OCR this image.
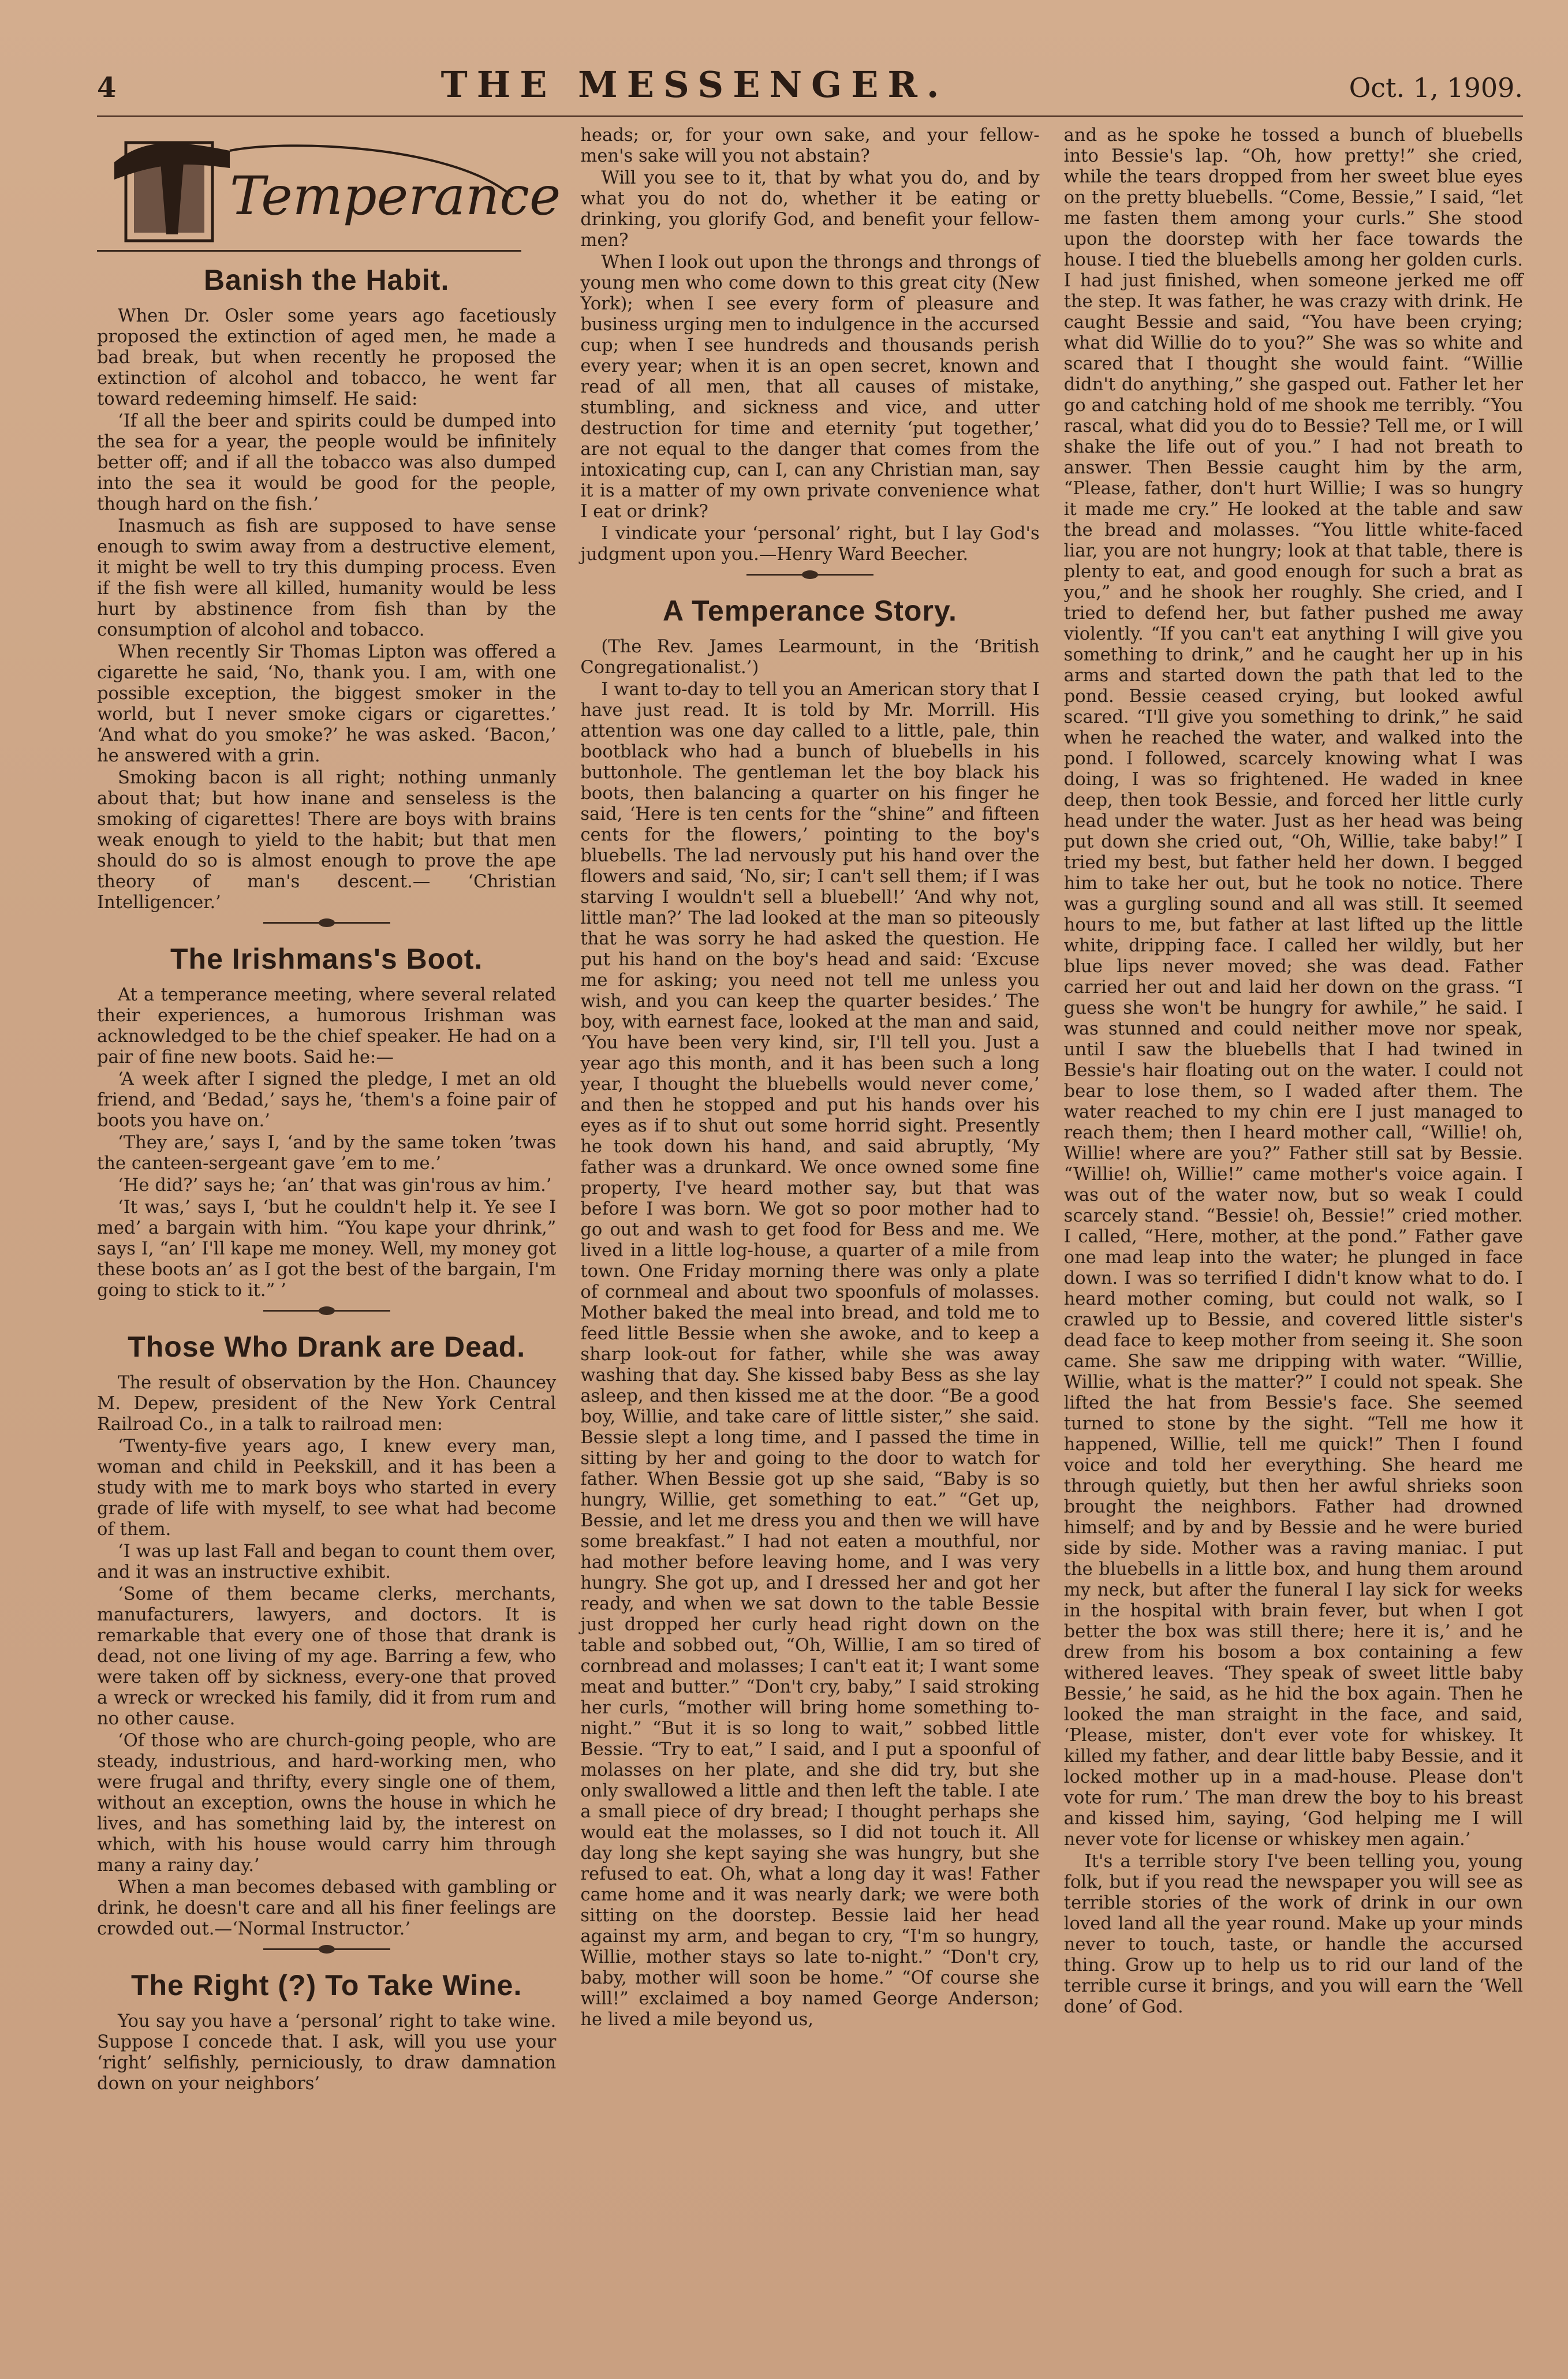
4	THE MESSENGER.	Oct. 1, 1909.
Temperance
Banish the Habit.

When Dr. Osler some years ago facetiously proposed the extinction of aged men, he made a bad break, but when recently he proposed the extinction of alcohol and tobacco, he went far toward redeeming himself. He said:

‘If all the beer and spirits could be dumped into the sea for a year, the people would be infinitely better off; and if all the tobacco was also dumped into the sea it would be good for the people, though hard on the fish.’

Inasmuch as fish are supposed to have sense enough to swim away from a destructive element, it might be well to try this dumping process. Even if the fish were all killed, humanity would be less hurt by abstinence from fish than by the consumption of alcohol and tobacco.

When recently Sir Thomas Lipton was offered a cigarette he said, ‘No, thank you. I am, with one possible exception, the biggest smoker in the world, but I never smoke cigars or cigarettes.’ ‘And what do you smoke?’ he was asked. ‘Bacon,’ he answered with a grin.

Smoking bacon is all right; nothing unmanly about that; but how inane and senseless is the smoking of cigarettes! There are boys with brains weak enough to yield to the habit; but that men should do so is almost enough to prove the ape theory of man's descent.— ‘Christian Intelligencer.’

The Irishmans's Boot.

At a temperance meeting, where several related their experiences, a humorous Irishman was acknowledged to be the chief speaker. He had on a pair of fine new boots. Said he:—

‘A week after I signed the pledge, I met an old friend, and ‘Bedad,’ says he, ‘them's a foine pair of boots you have on.’

‘They are,’ says I, ‘and by the same token ’twas the canteen-sergeant gave ’em to me.’

‘He did?’ says he; ‘an’ that was gin'rous av him.’

‘It was,’ says I, ‘but he couldn't help it. Ye see I med’ a bargain with him. “You kape your dhrink,” says I, “an’ I'll kape me money. Well, my money got these boots an’ as I got the best of the bargain, I'm going to stick to it.” ’

Those Who Drank are Dead.

The result of observation by the Hon. Chauncey M. Depew, president of the New York Central Railroad Co., in a talk to railroad men:

‘Twenty-five years ago, I knew every man, woman and child in Peekskill, and it has been a study with me to mark boys who started in every grade of life with myself, to see what had become of them.

‘I was up last Fall and began to count them over, and it was an instructive exhibit.

‘Some of them became clerks, merchants, manufacturers, lawyers, and doctors. It is remarkable that every one of those that drank is dead, not one living of my age. Barring a few, who were taken off by sickness, every-one that proved a wreck or wrecked his family, did it from rum and no other cause.

‘Of those who are church-going people, who are steady, industrious, and hard-working men, who were frugal and thrifty, every single one of them, without an exception, owns the house in which he lives, and has something laid by, the interest on which, with his house would carry him through many a rainy day.’

When a man becomes debased with gambling or drink, he doesn't care and all his finer feelings are crowded out.—‘Normal Instructor.’

The Right (?) To Take Wine.

You say you have a ‘personal’ right to take wine. Suppose I concede that. I ask, will you use your ‘right’ selfishly, perniciously, to draw damnation down on your neighbors’

heads; or, for your own sake, and your fellow-men's sake will you not abstain?

Will you see to it, that by what you do, and by what you do not do, whether it be eating or drinking, you glorify God, and benefit your fellow-men?

When I look out upon the throngs and throngs of young men who come down to this great city (New York); when I see every form of pleasure and business urging men to indulgence in the accursed cup; when I see hundreds and thousands perish every year; when it is an open secret, known and read of all men, that all causes of mistake, stumbling, and sickness and vice, and utter destruction for time and eternity ‘put together,’ are not equal to the danger that comes from the intoxicating cup, can I, can any Christian man, say it is a matter of my own private convenience what I eat or drink?

I vindicate your ‘personal’ right, but I lay God's judgment upon you.—Henry Ward Beecher.

A Temperance Story.

(The Rev. James Learmount, in the ‘British Congregationalist.’)

I want to-day to tell you an American story that I have just read. It is told by Mr. Morrill. His attention was one day called to a little, pale, thin bootblack who had a bunch of bluebells in his buttonhole. The gentleman let the boy black his boots, then balancing a quarter on his finger he said, ‘Here is ten cents for the “shine” and fifteen cents for the flowers,’ pointing to the boy's bluebells. The lad nervously put his hand over the flowers and said, ‘No, sir; I can't sell them; if I was starving I wouldn't sell a bluebell!’ ‘And why not, little man?’ The lad looked at the man so piteously that he was sorry he had asked the question. He put his hand on the boy's head and said: ‘Excuse me for asking; you need not tell me unless you wish, and you can keep the quarter besides.’ The boy, with earnest face, looked at the man and said, ‘You have been very kind, sir, I'll tell you. Just a year ago this month, and it has been such a long year, I thought the bluebells would never come,’ and then he stopped and put his hands over his eyes as if to shut out some horrid sight. Presently he took down his hand, and said abruptly, ‘My father was a drunkard. We once owned some fine property, I've heard mother say, but that was before I was born. We got so poor mother had to go out and wash to get food for Bess and me. We lived in a little log-house, a quarter of a mile from town. One Friday morning there was only a plate of cornmeal and about two spoonfuls of molasses. Mother baked the meal into bread, and told me to feed little Bessie when she awoke, and to keep a sharp look-out for father, while she was away washing that day. She kissed baby Bess as she lay asleep, and then kissed me at the door. “Be a good boy, Willie, and take care of little sister,” she said. Bessie slept a long time, and I passed the time in sitting by her and going to the door to watch for father. When Bessie got up she said, “Baby is so hungry, Willie, get something to eat.” “Get up, Bessie, and let me dress you and then we will have some breakfast.” I had not eaten a mouthful, nor had mother before leaving home, and I was very hungry. She got up, and I dressed her and got her ready, and when we sat down to the table Bessie just dropped her curly head right down on the table and sobbed out, “Oh, Willie, I am so tired of cornbread and molasses; I can't eat it; I want some meat and butter.” “Don't cry, baby,” I said stroking her curls, “mother will bring home something to-night.” “But it is so long to wait,” sobbed little Bessie. “Try to eat,” I said, and I put a spoonful of molasses on her plate, and she did try, but she only swallowed a little and then left the table. I ate a small piece of dry bread; I thought perhaps she would eat the molasses, so I did not touch it. All day long she kept saying she was hungry, but she refused to eat. Oh, what a long day it was! Father came home and it was nearly dark; we were both sitting on the doorstep. Bessie laid her head against my arm, and began to cry, “I'm so hungry, Willie, mother stays so late to-night.” “Don't cry, baby, mother will soon be home.” “Of course she will!” exclaimed a boy named George Anderson; he lived a mile beyond us,

and as he spoke he tossed a bunch of bluebells into Bessie's lap. “Oh, how pretty!” she cried, while the tears dropped from her sweet blue eyes on the pretty bluebells. “Come, Bessie,” I said, “let me fasten them among your curls.” She stood upon the doorstep with her face towards the house. I tied the bluebells among her golden curls. I had just finished, when someone jerked me off the step. It was father, he was crazy with drink. He caught Bessie and said, “You have been crying; what did Willie do to you?” She was so white and scared that I thought she would faint. “Willie didn't do anything,” she gasped out. Father let her go and catching hold of me shook me terribly. “You rascal, what did you do to Bessie? Tell me, or I will shake the life out of you.” I had not breath to answer. Then Bessie caught him by the arm, “Please, father, don't hurt Willie; I was so hungry it made me cry.” He looked at the table and saw the bread and molasses. “You little white-faced liar, you are not hungry; look at that table, there is plenty to eat, and good enough for such a brat as you,” and he shook her roughly. She cried, and I tried to defend her, but father pushed me away violently. “If you can't eat anything I will give you something to drink,” and he caught her up in his arms and started down the path that led to the pond. Bessie ceased crying, but looked awful scared. “I'll give you something to drink,” he said when he reached the water, and walked into the pond. I followed, scarcely knowing what I was doing, I was so frightened. He waded in knee deep, then took Bessie, and forced her little curly head under the water. Just as her head was being put down she cried out, “Oh, Willie, take baby!” I tried my best, but father held her down. I begged him to take her out, but he took no notice. There was a gurgling sound and all was still. It seemed hours to me, but father at last lifted up the little white, dripping face. I called her wildly, but her blue lips never moved; she was dead. Father carried her out and laid her down on the grass. “I guess she won't be hungry for awhile,” he said. I was stunned and could neither move nor speak, until I saw the bluebells that I had twined in Bessie's hair floating out on the water. I could not bear to lose them, so I waded after them. The water reached to my chin ere I just managed to reach them; then I heard mother call, “Willie! oh, Willie! where are you?” Father still sat by Bessie. “Willie! oh, Willie!” came mother's voice again. I was out of the water now, but so weak I could scarcely stand. “Bessie! oh, Bessie!” cried mother. I called, “Here, mother, at the pond.” Father gave one mad leap into the water; he plunged in face down. I was so terrified I didn't know what to do. I heard mother coming, but could not walk, so I crawled up to Bessie, and covered little sister's dead face to keep mother from seeing it. She soon came. She saw me dripping with water. “Willie, Willie, what is the matter?” I could not speak. She lifted the hat from Bessie's face. She seemed turned to stone by the sight. “Tell me how it happened, Willie, tell me quick!” Then I found voice and told her everything. She heard me through quietly, but then her awful shrieks soon brought the neighbors. Father had drowned himself; and by and by Bessie and he were buried side by side. Mother was a raving maniac. I put the bluebells in a little box, and hung them around my neck, but after the funeral I lay sick for weeks in the hospital with brain fever, but when I got better the box was still there; here it is,’ and he drew from his bosom a box containing a few withered leaves. ‘They speak of sweet little baby Bessie,’ he said, as he hid the box again. Then he looked the man straight in the face, and said, ‘Please, mister, don't ever vote for whiskey. It killed my father, and dear little baby Bessie, and it locked mother up in a mad-house. Please don't vote for rum.’ The man drew the boy to his breast and kissed him, saying, ‘God helping me I will never vote for license or whiskey men again.’

It's a terrible story I've been telling you, young folk, but if you read the newspaper you will see as terrible stories of the work of drink in our own loved land all the year round. Make up your minds never to touch, taste, or handle the accursed thing. Grow up to help us to rid our land of the terrible curse it brings, and you will earn the ‘Well done’ of God.
